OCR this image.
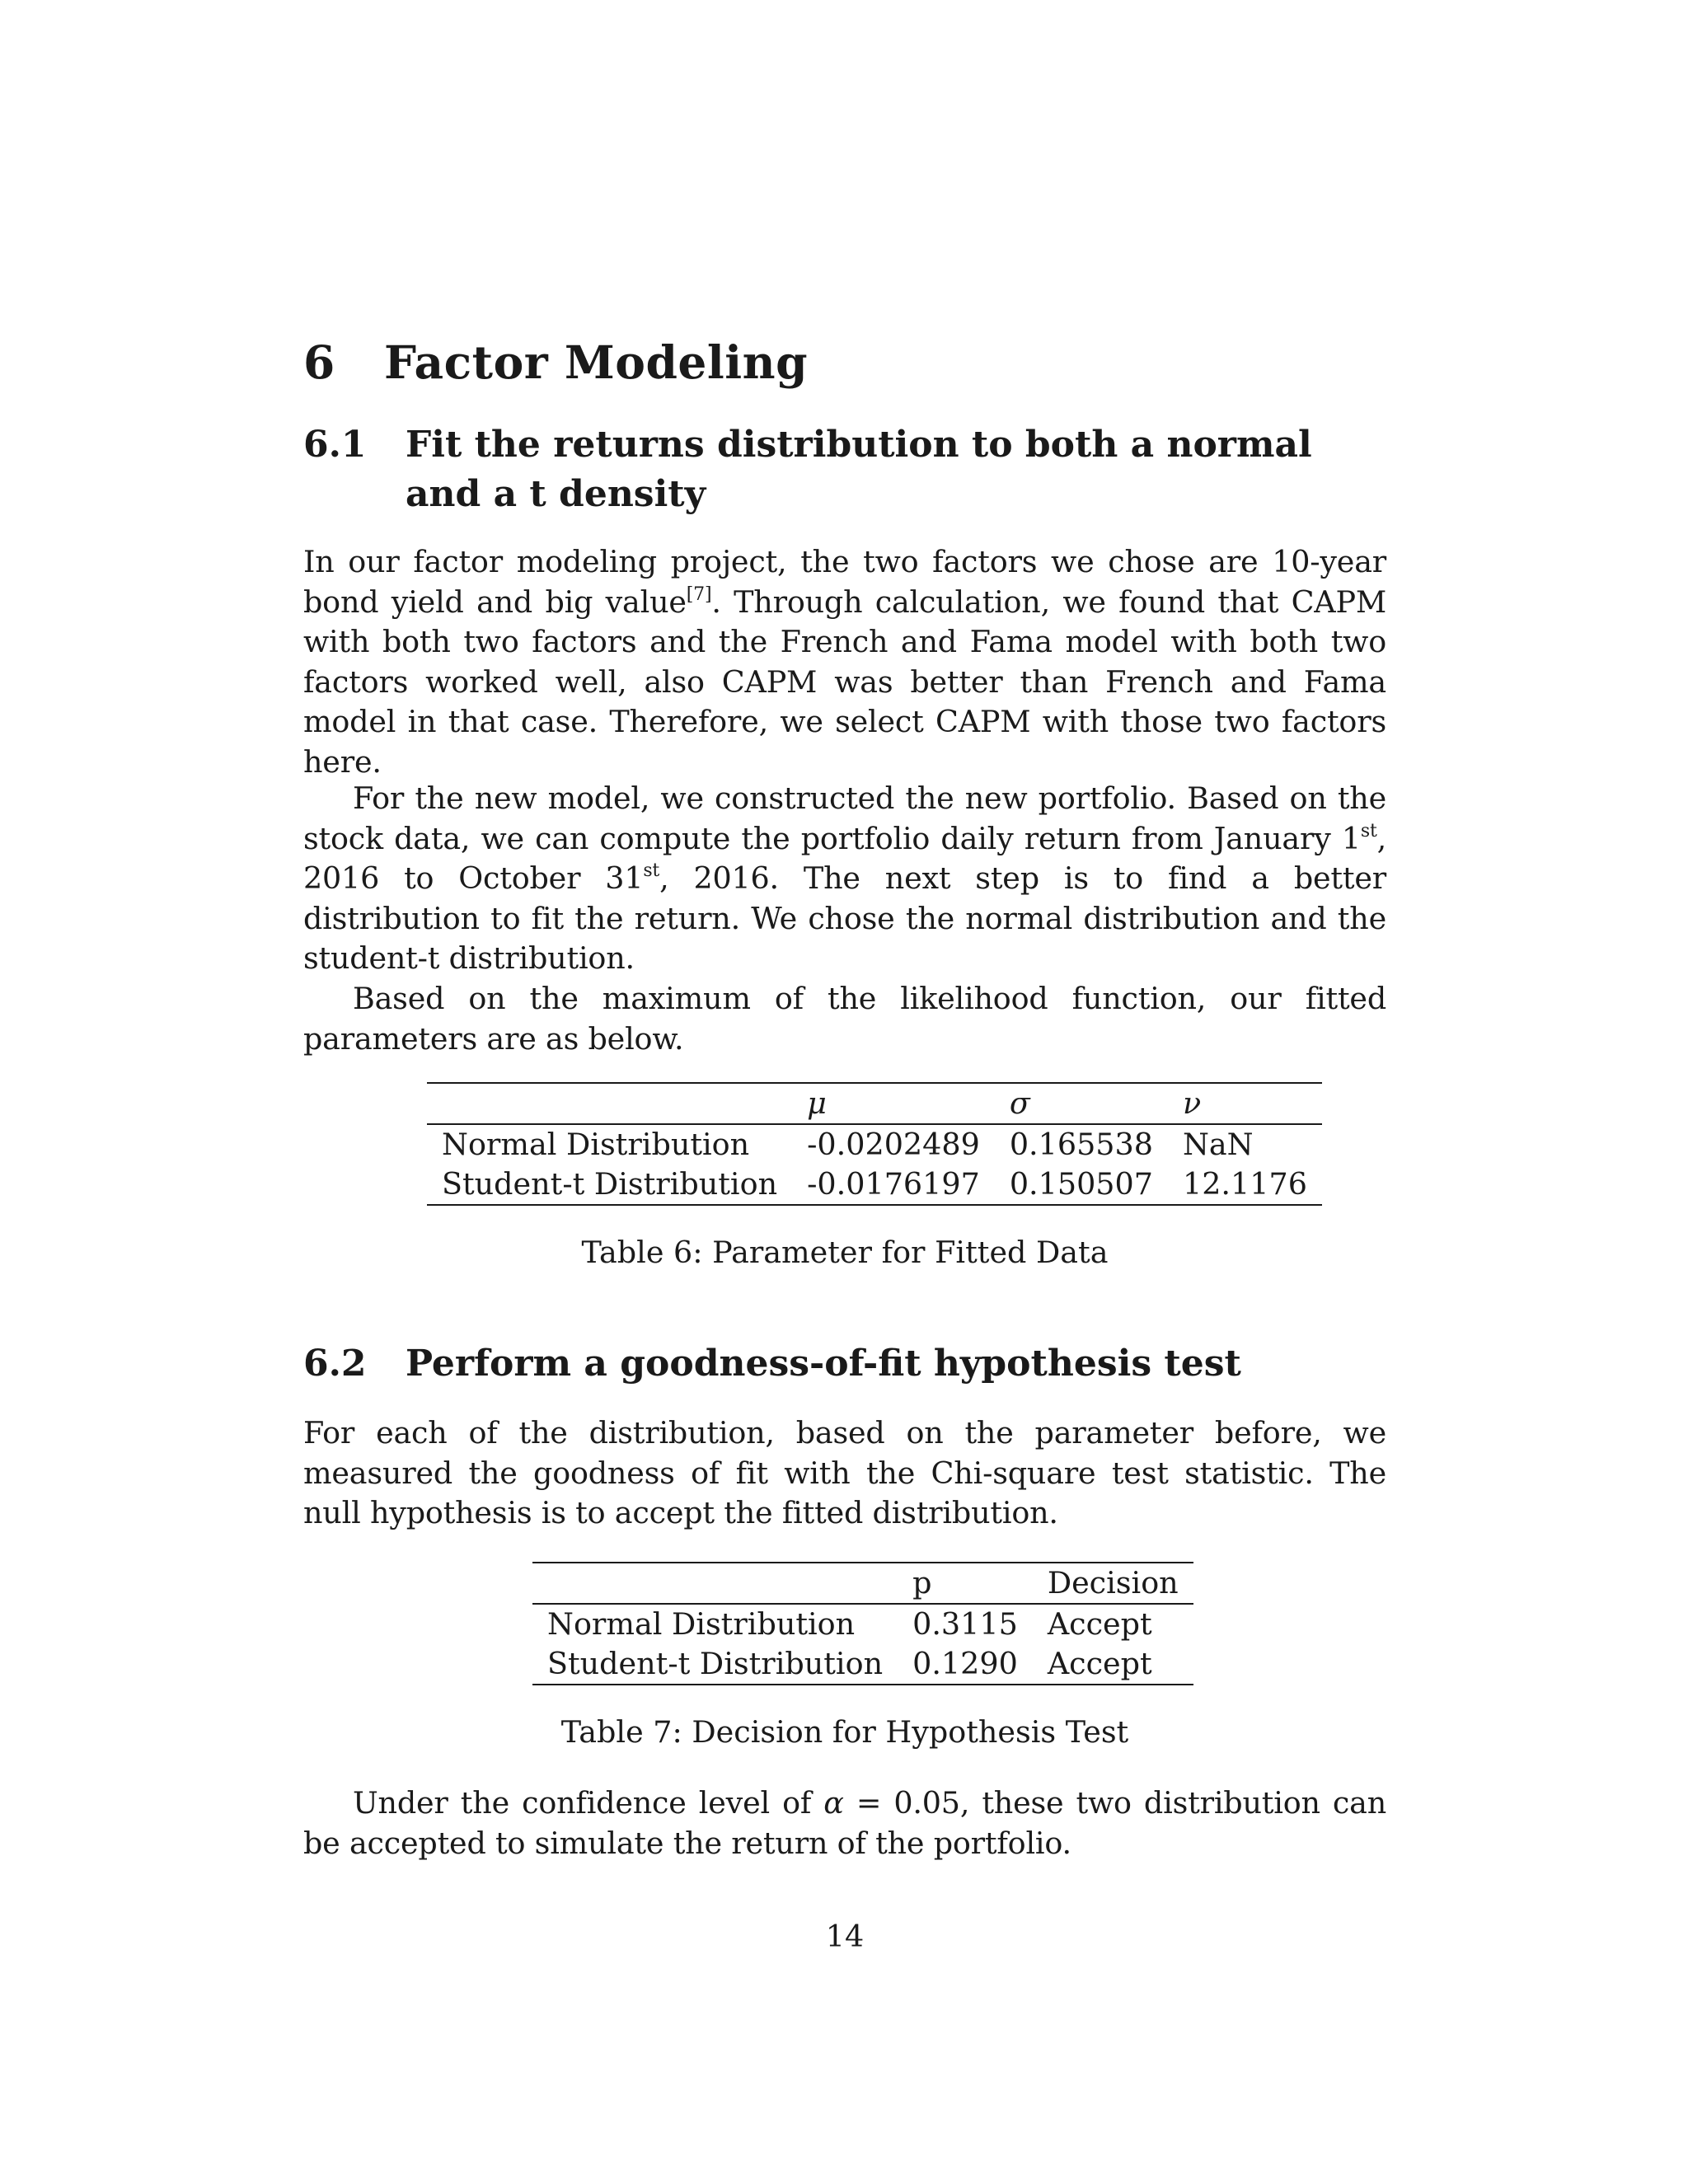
6 Factor Modeling
6.1 Fit the returns distribution to both a normal and a t density

In our factor modeling project, the two factors we chose are 10-year bond yield and big value[7]. Through calculation, we found that CAPM with both two factors and the French and Fama model with both two factors worked well, also CAPM was better than French and Fama model in that case. Therefore, we select CAPM with those two factors here.

For the new model, we constructed the new portfolio. Based on the stock data, we can compute the portfolio daily return from January 1st, 2016 to October 31st, 2016. The next step is to find a better distribution to fit the return. We chose the normal distribution and the student-t distribution.

Based on the maximum of the likelihood function, our fitted parameters are as below.

	μ	σ	ν
Normal Distribution	-0.0202489	0.165538	NaN
Student-t Distribution	-0.0176197	0.150507	12.1176

Table 6: Parameter for Fitted Data

6.2 Perform a goodness-of-fit hypothesis test

For each of the distribution, based on the parameter before, we measured the goodness of fit with the Chi-square test statistic. The null hypothesis is to accept the fitted distribution.

	p	Decision
Normal Distribution	0.3115	Accept
Student-t Distribution	0.1290	Accept

Table 7: Decision for Hypothesis Test

Under the confidence level of α = 0.05, these two distribution can be accepted to simulate the return of the portfolio.

14
